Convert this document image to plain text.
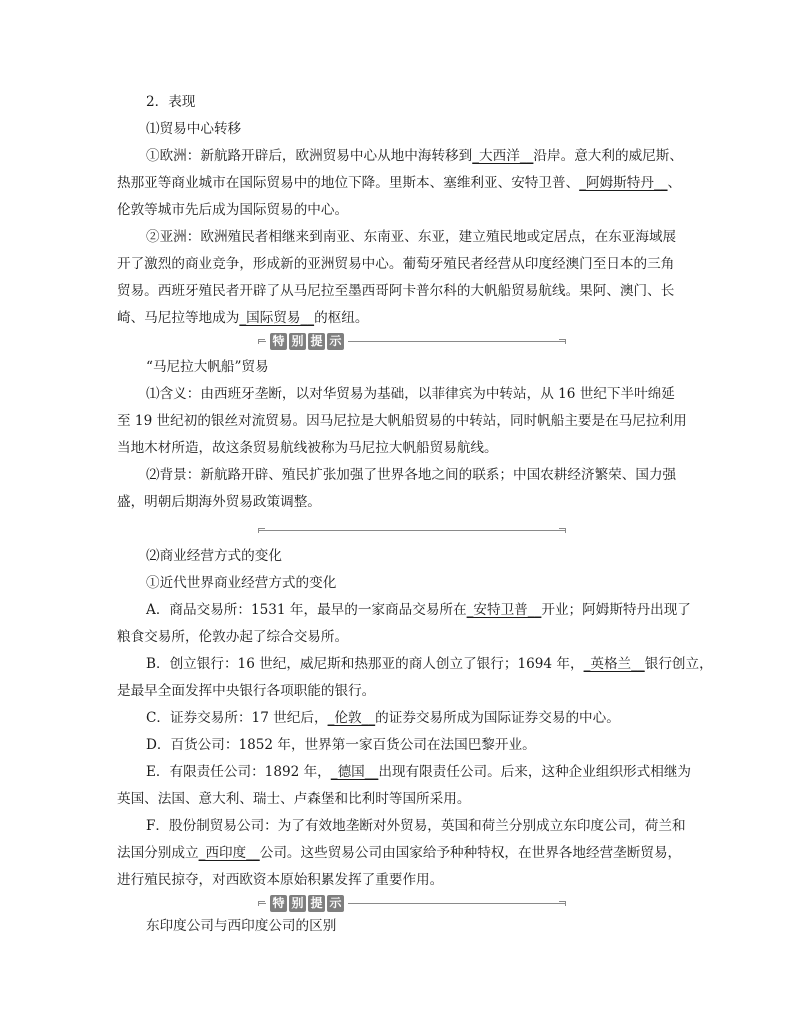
2．表现
⑴贸易中心转移
①欧洲：新航路开辟后，欧洲贸易中心从地中海转移到_大西洋__沿岸。意大利的威尼斯、
热那亚等商业城市在国际贸易中的地位下降。里斯本、塞维利亚、安特卫普、_阿姆斯特丹__、
伦敦等城市先后成为国际贸易的中心。
②亚洲：欧洲殖民者相继来到南亚、东南亚、东亚，建立殖民地或定居点，在东亚海域展
开了激烈的商业竞争，形成新的亚洲贸易中心。葡萄牙殖民者经营从印度经澳门至日本的三角
贸易。西班牙殖民者开辟了从马尼拉至墨西哥阿卡普尔科的大帆船贸易航线。果阿、澳门、长
崎、马尼拉等地成为_国际贸易__的枢纽。
特 别 提 示
“马尼拉大帆船”贸易
⑴含义：由西班牙垄断，以对华贸易为基础，以菲律宾为中转站，从 16 世纪下半叶绵延
至 19 世纪初的银丝对流贸易。因马尼拉是大帆船贸易的中转站，同时帆船主要是在马尼拉利用
当地木材所造，故这条贸易航线被称为马尼拉大帆船贸易航线。
⑵背景：新航路开辟、殖民扩张加强了世界各地之间的联系；中国农耕经济繁荣、国力强
盛，明朝后期海外贸易政策调整。
⑵商业经营方式的变化
①近代世界商业经营方式的变化
A．商品交易所：1531 年，最早的一家商品交易所在_安特卫普__开业；阿姆斯特丹出现了
粮食交易所，伦敦办起了综合交易所。
B．创立银行：16 世纪，威尼斯和热那亚的商人创立了银行；1694 年，_英格兰__银行创立，
是最早全面发挥中央银行各项职能的银行。
C．证券交易所：17 世纪后，_伦敦__的证券交易所成为国际证券交易的中心。
D．百货公司：1852 年，世界第一家百货公司在法国巴黎开业。
E．有限责任公司：1892 年，_德国__出现有限责任公司。后来，这种企业组织形式相继为
英国、法国、意大利、瑞士、卢森堡和比利时等国所采用。
F．股份制贸易公司：为了有效地垄断对外贸易，英国和荷兰分别成立东印度公司，荷兰和
法国分别成立_西印度__公司。这些贸易公司由国家给予种种特权，在世界各地经营垄断贸易，
进行殖民掠夺，对西欧资本原始积累发挥了重要作用。
特 别 提 示
东印度公司与西印度公司的区别
